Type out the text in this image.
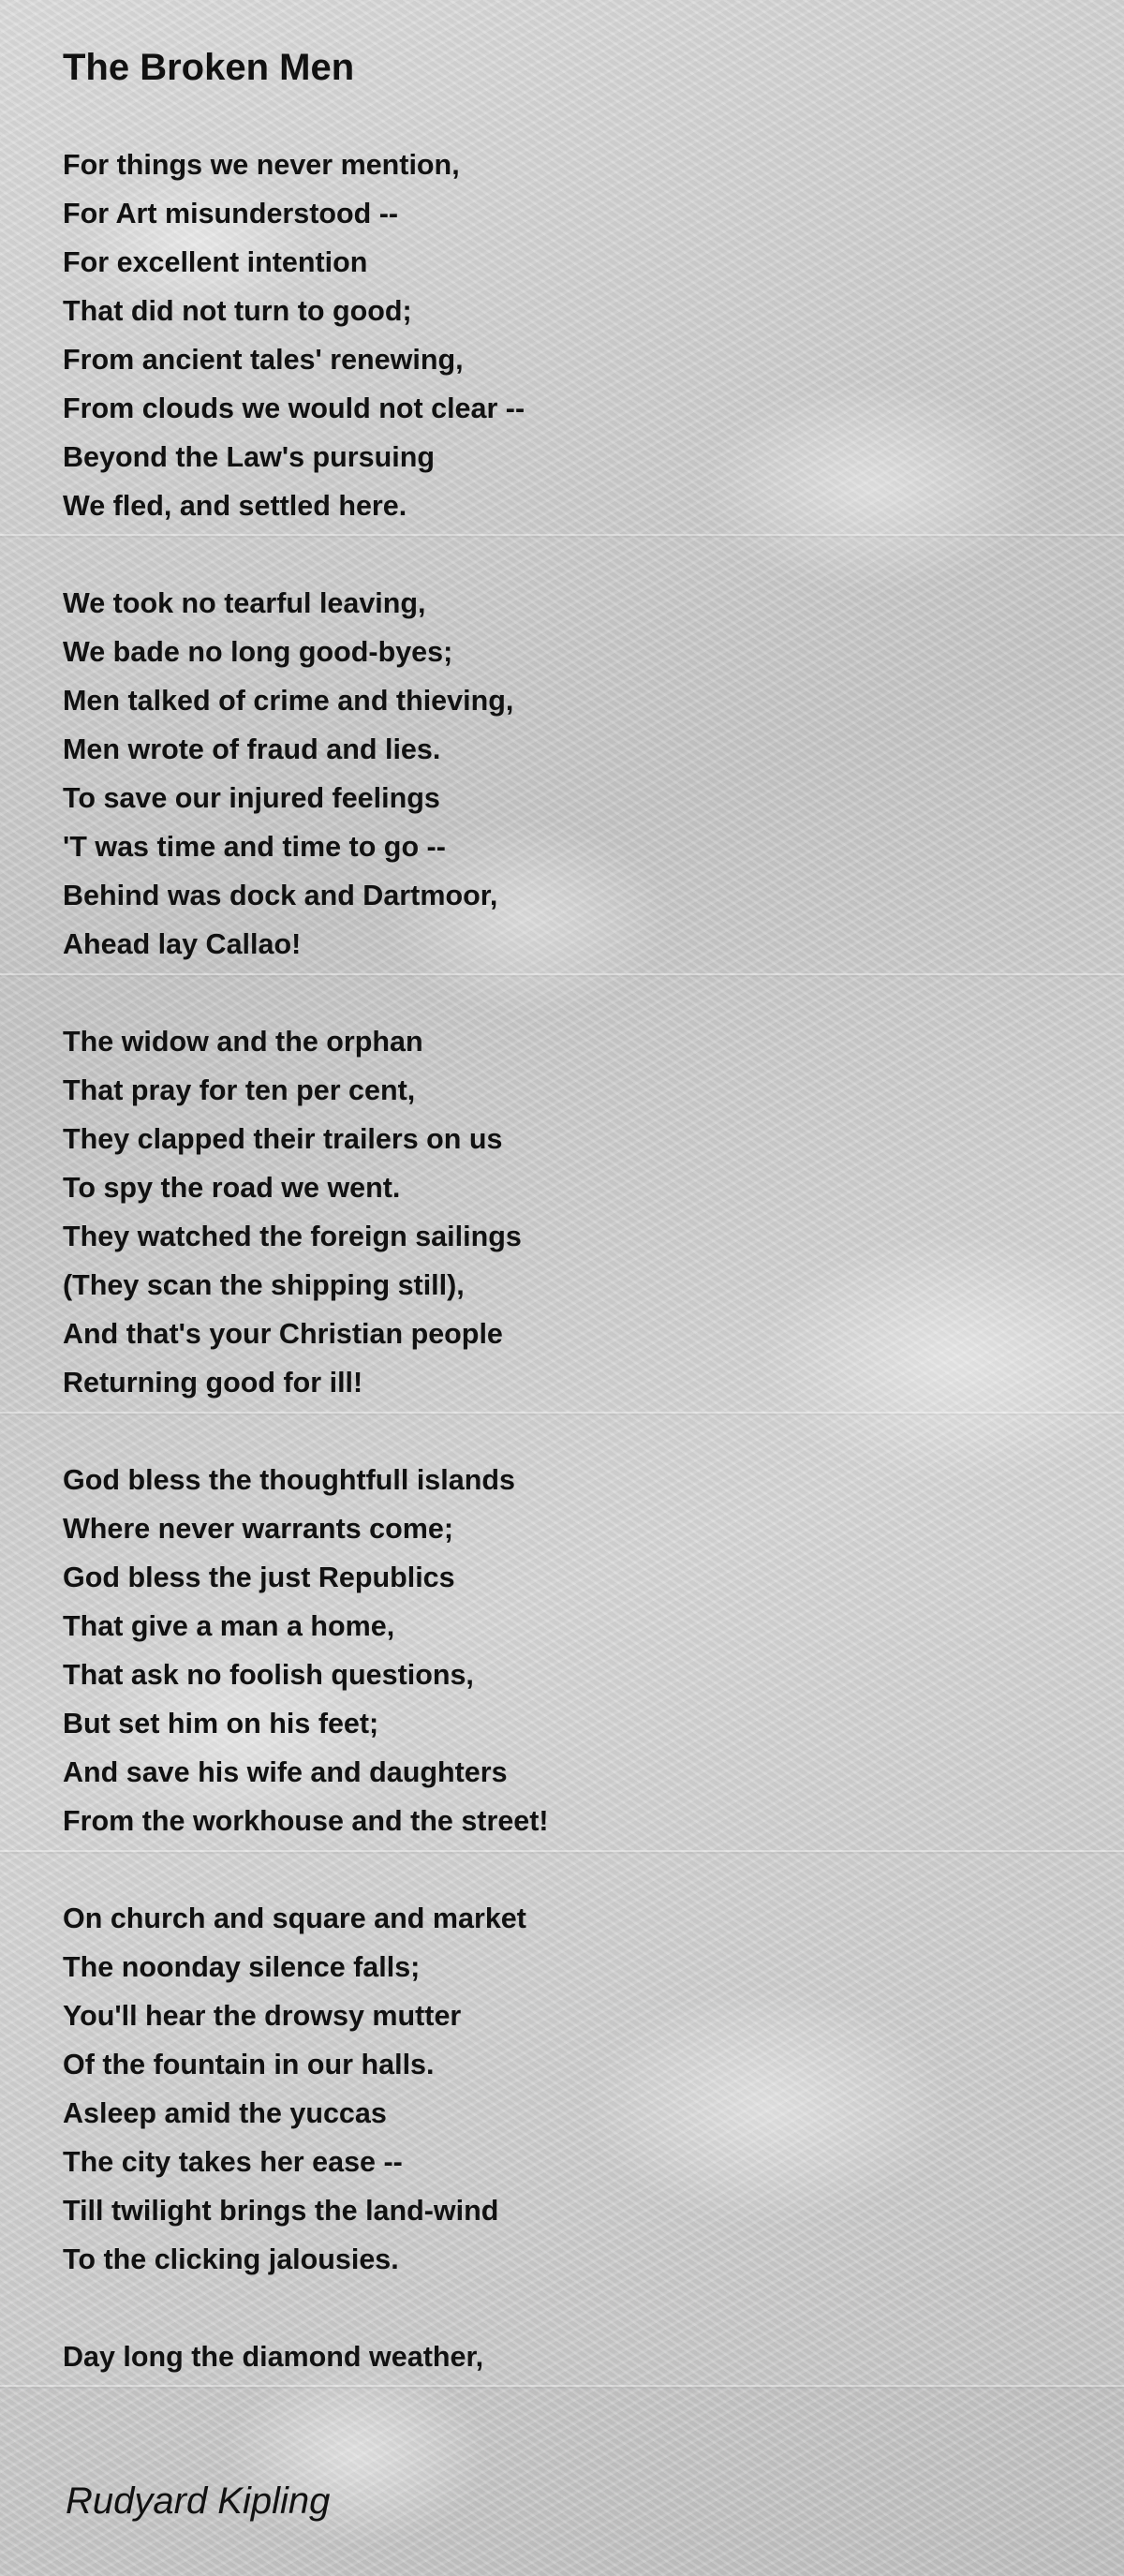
The Broken Men
For things we never mention,
For Art misunderstood --
For excellent intention
That did not turn to good;
From ancient tales' renewing,
From clouds we would not clear --
Beyond the Law's pursuing
We fled, and settled here.
We took no tearful leaving,
We bade no long good-byes;
Men talked of crime and thieving,
Men wrote of fraud and lies.
To save our injured feelings
'T was time and time to go --
Behind was dock and Dartmoor,
Ahead lay Callao!
The widow and the orphan
That pray for ten per cent,
They clapped their trailers on us
To spy the road we went.
They watched the foreign sailings
(They scan the shipping still),
And that's your Christian people
Returning good for ill!
God bless the thoughtfull islands
Where never warrants come;
God bless the just Republics
That give a man a home,
That ask no foolish questions,
But set him on his feet;
And save his wife and daughters
From the workhouse and the street!
On church and square and market
The noonday silence falls;
You'll hear the drowsy mutter
Of the fountain in our halls.
Asleep amid the yuccas
The city takes her ease --
Till twilight brings the land-wind
To the clicking jalousies.
Day long the diamond weather,

Rudyard Kipling
